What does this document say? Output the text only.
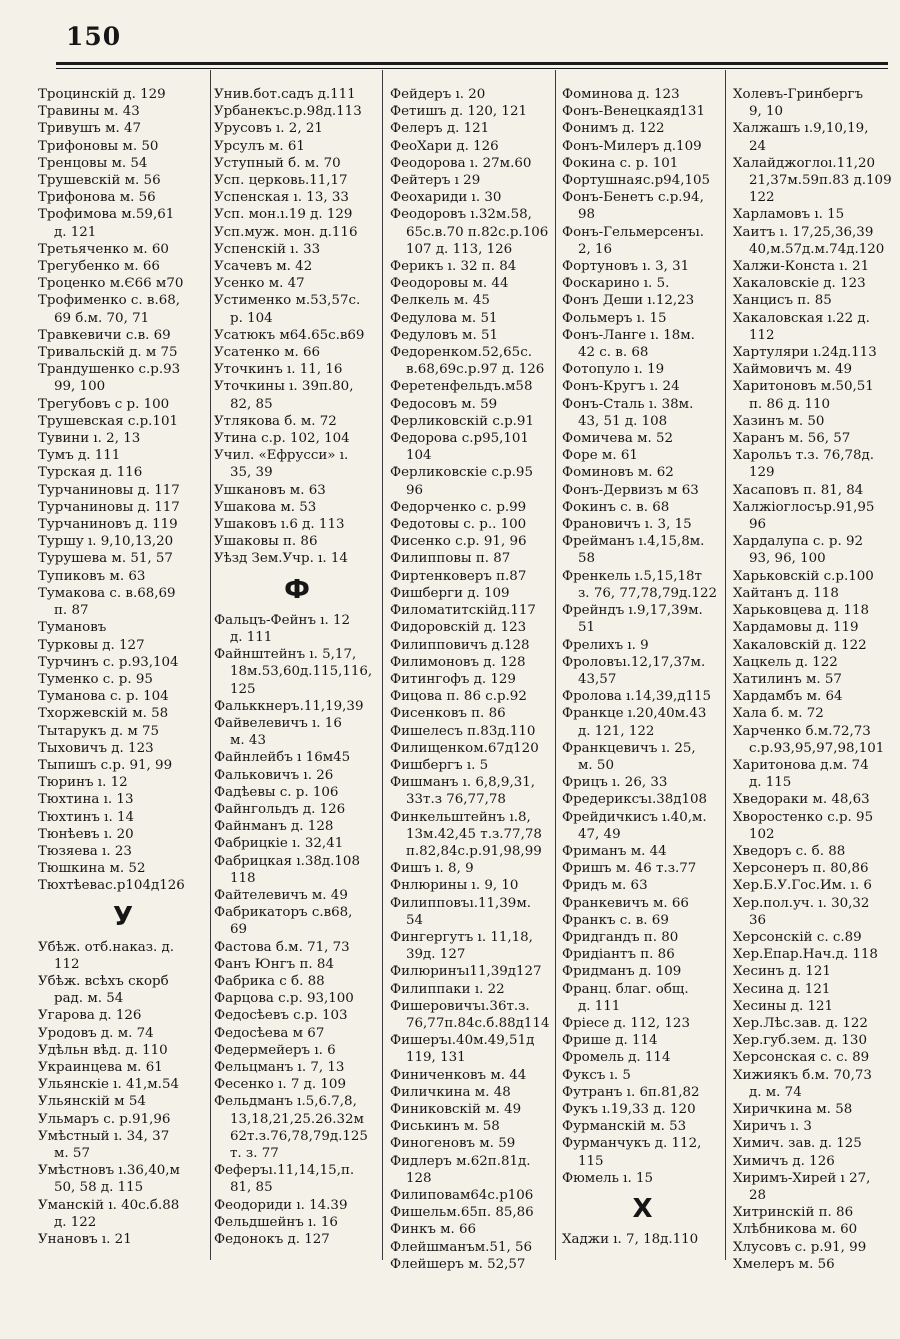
150
Троцинскій д. 129
Травины м. 43
Тривушъ м. 47
Трифоновы м. 50
Тренцовы м. 54
Трушевскій м. 56
Трифонова м. 56
Трофимова м.59,61
д. 121
Третьяченко м. 60
Трегубенко м. 66
Троценко м.Є66 м70
Трофименко с. в.68,
69 б.м. 70, 71
Травкевичи с.в. 69
Тривальскій д. м 75
Трандушенко с.р.93
99, 100
Трегубовъ с р. 100
Трушевская с.р.101
Тувини ı. 2, 13
Тумъ д. 111
Турская д. 116
Турчаниновы д. 117
Турчаниновы д. 117
Турчаниновъ д. 119
Туршу ı. 9,10,13,20
Турушева м. 51, 57
Тупиковъ м. 63
Тумакова с. в.68,69
п. 87
Тумановъ
Турковы д. 127
Турчинъ с. р.93,104
Туменко с. р. 95
Туманова с. р. 104
Тхоржевскій м. 58
Тытарукъ д. м 75
Тыховичъ д. 123
Тыпишъ с.р. 91, 99
Тюринъ ı. 12
Тюхтина ı. 13
Тюхтинъ ı. 14
Тюнѣевъ ı. 20
Тюзяева ı. 23
Тюшкина м. 52
Тюхтѣеваc.р104д126
У
Убѣж. отб.наказ. д.
112
Убѣж. всѣхъ скорб
рад. м. 54
Угарова д. 126
Уродовъ д. м. 74
Удѣльн вѣд. д. 110
Украинцева м. 61
Ульянскіе ı. 41,м.54
Ульянскій м 54
Ульмаръ с. р.91,96
Умѣстный ı. 34, 37
м. 57
Умѣстновъ ı.36,40,м
50, 58 д. 115
Уманскій ı. 40с.б.88
д. 122
Унановъ ı. 21
Унив.бот.садъ д.111
Урбанекъс.р.98д.113
Урусовъ ı. 2, 21
Урсулъ м. 61
Уступный б. м. 70
Усп. церковь.11,17
Успенская ı. 13, 33
Усп. мон.ı.19 д. 129
Усп.муж. мон. д.116
Успенскій ı. 33
Усачевъ м. 42
Усенко м. 47
Устименко м.53,57с.
р. 104
Усатюкъ м64.65с.в69
Усатенко м. 66
Уточкинъ ı. 11, 16
Уточкины ı. 39п.80,
82, 85
Утлякова б. м. 72
Утина с.р. 102, 104
Учил. «Ефрусси» ı.
35, 39
Ушкановъ м. 63
Ушакова м. 53
Ушаковъ ı.6 д. 113
Ушаковы п. 86
Уѣзд Зем.Учр. ı. 14
Ф
Фальцъ-Фейнъ ı. 12
д. 111
Файнштейнъ ı. 5,17,
18м.53,60д.115,116,
125
Фальккнеръ.11,19,39
Файвелевичъ ı. 16
м. 43
Файнлейбъ ı 16м45
Фальковичъ ı. 26
Фадѣевы с. р. 106
Файнгольдъ д. 126
Файнманъ д. 128
Фабрицкіе ı. 32,41
Фабрицкая ı.38д.108
118
Файтелевичъ м. 49
Фабрикаторъ с.в68,
69
Фастова б.м. 71, 73
Фанъ Юнгъ п. 84
Фабрика с б. 88
Фарцова с.р. 93,100
Федосѣевъ с.р. 103
Федосѣева м 67
Федермейеръ ı. 6
Фельцманъ ı. 7, 13
Фесенко ı. 7 д. 109
Фельдманъ ı.5,6.7,8,
13,18,21,25.26.32м
62т.з.76,78,79д.125
т. з. 77
Феферъı.11,14,15,п.
81, 85
Феодориди ı. 14.39
Фельдшейнъ ı. 16
Федонокъ д. 127
Фейдеръ ı. 20
Фетишъ д. 120, 121
Фелеръ д. 121
ФеоХари д. 126
Феодорова ı. 27м.60
Фейтеръ ı 29
Феохариди ı. 30
Феодоровъ ı.32м.58,
65с.в.70 п.82с.р.106
107 д. 113, 126
Ферикъ ı. 32 п. 84
Феодоровы м. 44
Фелкель м. 45
Федулова м. 51
Федуловъ м. 51
Федоренком.52,65с.
в.68,69с.р.97 д. 126
Феретенфельдъ.м58
Федосовъ м. 59
Ферликовскій с.р.91
Федорова с.р95,101
104
Ферликовскіе с.р.95
96
Федорченко с. р.99
Федотовы с. р.. 100
Фисенко с.р. 91, 96
Филипповы п. 87
Фиртенковеръ п.87
Фишберги д. 109
Филоматитскійд.117
Фидоровскій д. 123
Филипповичъ д.128
Филимоновъ д. 128
Фитингофъ д. 129
Фицова п. 86 с.р.92
Фисенковъ п. 86
Фишелесъ п.83д.110
Филищенком.67д120
Фишбергъ ı. 5
Фишманъ ı. 6,8,9,31,
33т.з 76,77,78
Финкельштейнъ ı.8,
13м.42,45 т.з.77,78
п.82,84с.р.91,98,99
Фишъ ı. 8, 9
Фнлюрины ı. 9, 10
Филипповъı.11,39м.
54
Фингергутъ ı. 11,18,
39д. 127
Филюринъı11,39д127
Филиппаки ı. 22
Фишеровичъı.36т.з.
76,77п.84с.б.88д114
Фишеръı.40м.49,51д
119, 131
Финиченковъ м. 44
Филичкина м. 48
Финиковскій м. 49
Фиськинъ м. 58
Финогеновъ м. 59
Фидлеръ м.62п.81д.
128
Филиповам64с.р106
Фишельм.65п. 85,86
Финкъ м. 66
Флейшманъм.51, 56
Флейшеръ м. 52,57
Фоминова д. 123
Фонъ-Венецкаяд131
Фонимъ д. 122
Фонъ-Милеръ д.109
Фокина с. р. 101
Фортушнаяс.р94,105
Фонъ-Бенетъ с.р.94,
98
Фонъ-Гельмерсенъı.
2, 16
Фортуновъ ı. 3, 31
Фоскарино ı. 5.
Фонъ Деши ı.12,23
Фольмеръ ı. 15
Фонъ-Ланге ı. 18м.
42 с. в. 68
Фотопуло ı. 19
Фонъ-Кругъ ı. 24
Фонъ-Сталь ı. 38м.
43, 51 д. 108
Фомичева м. 52
Форе м. 61
Фоминовъ м. 62
Фонъ-Дервизъ м 63
Фокинъ с. в. 68
Франовичъ ı. 3, 15
Фрейманъ ı.4,15,8м.
58
Френкель ı.5,15,18т
з. 76, 77,78,79д.122
Фрейндъ ı.9,17,39м.
51
Фрелихъ ı. 9
Фроловъı.12,17,37м.
43,57
Фролова ı.14,39,д115
Франкце ı.20,40м.43
д. 121, 122
Франкцевичъ ı. 25,
м. 50
Фрицъ ı. 26, 33
Фредериксъı.38д108
Фрейдичкисъ ı.40,м.
47, 49
Фриманъ м. 44
Фришъ м. 46 т.з.77
Фридъ м. 63
Франкевичъ м. 66
Франкъ с. в. 69
Фридгандъ п. 80
Фридіантъ п. 86
Фридманъ д. 109
Франц. благ. общ.
д. 111
Фріесе д. 112, 123
Фрише д. 114
Фромель д. 114
Фуксъ ı. 5
Футранъ ı. 6п.81,82
Фукъ ı.19,33 д. 120
Фурманскій м. 53
Фурманчукъ д. 112,
115
Фюмель ı. 15
Х
Хаджи ı. 7, 18д.110
Холевъ-Гринбергъ
9, 10
Халжашъ ı.9,10,19,
24
Халайджоглоı.11,20
21,37м.59п.83 д.109
122
Харламовъ ı. 15
Хаитъ ı. 17,25,36,39
40,м.57д.м.74д.120
Халжи-Конста ı. 21
Хакаловскіе д. 123
Ханцисъ п. 85
Хакаловская ı.22 д.
112
Хартуляри ı.24д.113
Хаймовичъ м. 49
Харитоновъ м.50,51
п. 86 д. 110
Хазинъ м. 50
Харанъ м. 56, 57
Харольъ т.з. 76,78д.
129
Хасаповъ п. 81, 84
Халжіоглосър.91,95
96
Хардалупа с. р. 92
93, 96, 100
Харьковскій с.р.100
Хайтанъ д. 118
Харьковцева д. 118
Хардамовы д. 119
Хакаловскій д. 122
Хацкель д. 122
Хатилинъ м. 57
Хардамбъ м. 64
Хала б. м. 72
Харченко б.м.72,73
с.р.93,95,97,98,101
Харитонова д.м. 74
д. 115
Хведораки м. 48,63
Хворостенко с.р. 95
102
Хведоръ с. б. 88
Херсонеръ п. 80,86
Хер.Б.У.Гос.Им. ı. 6
Хер.пол.уч. ı. 30,32
36
Херсонскій с. с.89
Хер.Епар.Нач.д. 118
Хесинъ д. 121
Хесина д. 121
Хесины д. 121
Хер.Лѣс.зав. д. 122
Хер.губ.зем. д. 130
Херсонская с. с. 89
Хижиякъ б.м. 70,73
д. м. 74
Хиричкина м. 58
Хиричъ ı. 3
Химич. зав. д. 125
Химичъ д. 126
Хиримъ-Хирей ı 27,
28
Хитринскій п. 86
Хлѣбникова м. 60
Хлусовъ с. р.91, 99
Хмелеръ м. 56
